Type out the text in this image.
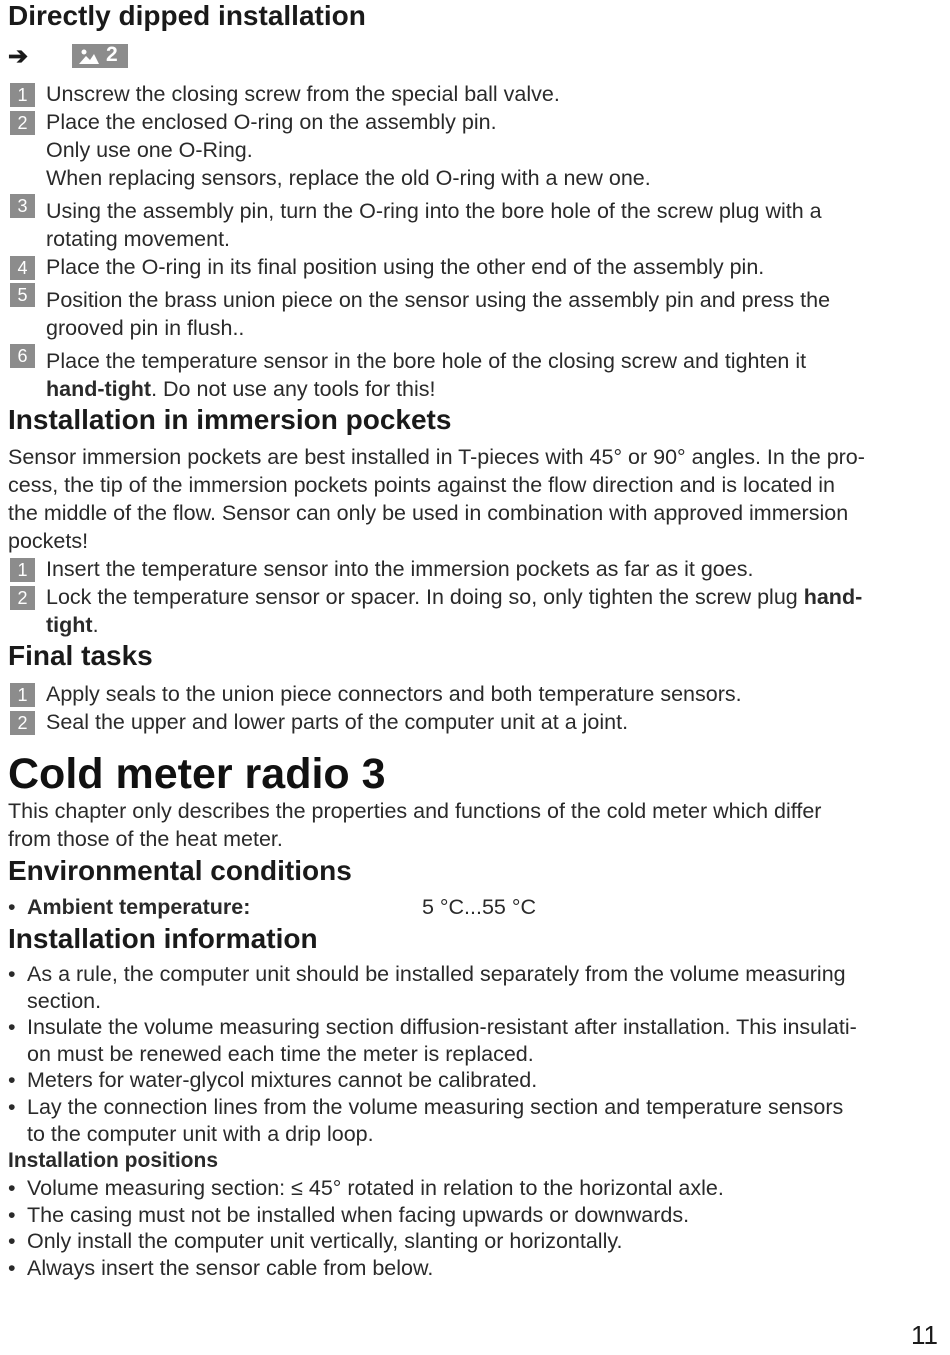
Directly dipped installation
➔	2
1 Unscrew the closing screw from the special ball valve.
2 Place the enclosed O-ring on the assembly pin.
Only use one O-Ring.
When replacing sensors, replace the old O-ring with a new one.
3 Using the assembly pin, turn the O-ring into the bore hole of the screw plug with a
rotating movement.
4 Place the O-ring in its final position using the other end of the assembly pin.
5 Position the brass union piece on the sensor using the assembly pin and press the
grooved pin in flush..
6 Place the temperature sensor in the bore hole of the closing screw and tighten it
hand-tight. Do not use any tools for this!
Installation in immersion pockets
Sensor immersion pockets are best installed in T-pieces with 45° or 90° angles. In the pro-
cess, the tip of the immersion pockets points against the flow direction and is located in
the middle of the flow. Sensor can only be used in combination with approved immersion
pockets!
1 Insert the temperature sensor into the immersion pockets as far as it goes.
2 Lock the temperature sensor or spacer. In doing so, only tighten the screw plug hand-
tight.
Final tasks
1 Apply seals to the union piece connectors and both temperature sensors.
2 Seal the upper and lower parts of the computer unit at a joint.
Cold meter radio 3
This chapter only describes the properties and functions of the cold meter which differ
from those of the heat meter.
Environmental conditions
• Ambient temperature:	5 °C...55 °C
Installation information
• As a rule, the computer unit should be installed separately from the volume measuring
section.
• Insulate the volume measuring section diffusion-resistant after installation. This insulati-
on must be renewed each time the meter is replaced.
• Meters for water-glycol mixtures cannot be calibrated.
• Lay the connection lines from the volume measuring section and temperature sensors
to the computer unit with a drip loop.
Installation positions
• Volume measuring section: ≤ 45° rotated in relation to the horizontal axle.
• The casing must not be installed when facing upwards or downwards.
• Only install the computer unit vertically, slanting or horizontally.
• Always insert the sensor cable from below.
11
